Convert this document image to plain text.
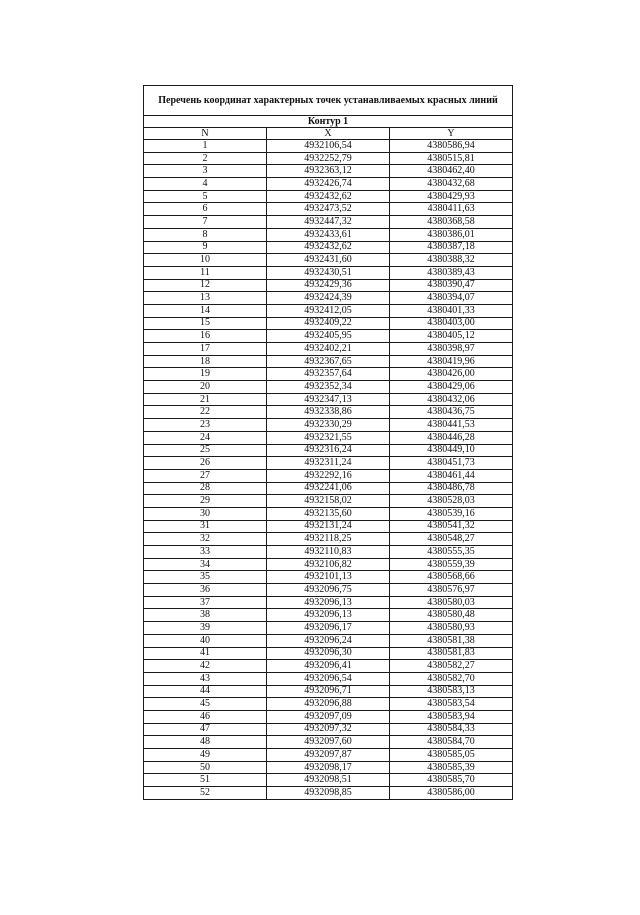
Перечень координат характерных точек устанавливаемых красных линий		
Контур 1		
N	X	Y
1	4932106,54	4380586,94
2	4932252,79	4380515,81
3	4932363,12	4380462,40
4	4932426,74	4380432,68
5	4932432,62	4380429,93
6	4932473,52	4380411,63
7	4932447,32	4380368,58
8	4932433,61	4380386,01
9	4932432,62	4380387,18
10	4932431,60	4380388,32
11	4932430,51	4380389,43
12	4932429,36	4380390,47
13	4932424,39	4380394,07
14	4932412,05	4380401,33
15	4932409,22	4380403,00
16	4932405,95	4380405,12
17	4932402,21	4380398,97
18	4932367,65	4380419,96
19	4932357,64	4380426,00
20	4932352,34	4380429,06
21	4932347,13	4380432,06
22	4932338,86	4380436,75
23	4932330,29	4380441,53
24	4932321,55	4380446,28
25	4932316,24	4380449,10
26	4932311,24	4380451,73
27	4932292,16	4380461,44
28	4932241,06	4380486,78
29	4932158,02	4380528,03
30	4932135,60	4380539,16
31	4932131,24	4380541,32
32	4932118,25	4380548,27
33	4932110,83	4380555,35
34	4932106,82	4380559,39
35	4932101,13	4380568,66
36	4932096,75	4380576,97
37	4932096,13	4380580,03
38	4932096,13	4380580,48
39	4932096,17	4380580,93
40	4932096,24	4380581,38
41	4932096,30	4380581,83
42	4932096,41	4380582,27
43	4932096,54	4380582,70
44	4932096,71	4380583,13
45	4932096,88	4380583,54
46	4932097,09	4380583,94
47	4932097,32	4380584,33
48	4932097,60	4380584,70
49	4932097,87	4380585,05
50	4932098,17	4380585,39
51	4932098,51	4380585,70
52	4932098,85	4380586,00
